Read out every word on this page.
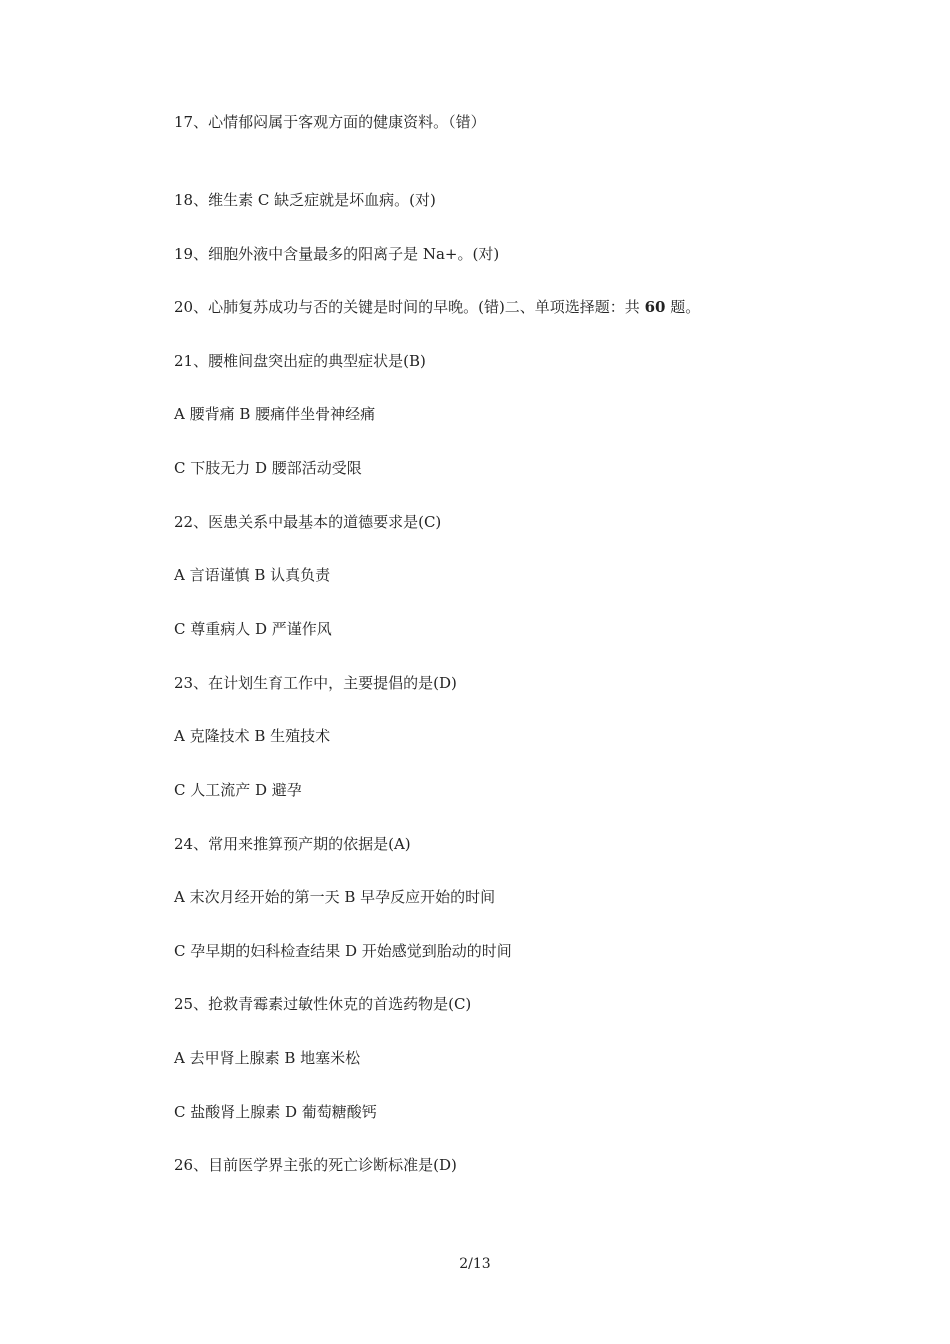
17、心情郁闷属于客观方面的健康资料。（错）
18、维生素 C 缺乏症就是坏血病。(对)
19、细胞外液中含量最多的阳离子是 Na+。(对)
20、心肺复苏成功与否的关键是时间的早晚。(错)二、单项选择题：共 60 题。
21、腰椎间盘突出症的典型症状是(B)
A 腰背痛 B 腰痛伴坐骨神经痛
C 下肢无力 D 腰部活动受限
22、医患关系中最基本的道德要求是(C)
A 言语谨慎 B 认真负责
C 尊重病人 D 严谨作风
23、在计划生育工作中，主要提倡的是(D)
A 克隆技术 B 生殖技术
C 人工流产 D 避孕
24、常用来推算预产期的依据是(A)
A 末次月经开始的第一天 B 早孕反应开始的时间
C 孕早期的妇科检查结果 D 开始感觉到胎动的时间
25、抢救青霉素过敏性休克的首选药物是(C)
A 去甲肾上腺素 B 地塞米松
C 盐酸肾上腺素 D 葡萄糖酸钙
26、目前医学界主张的死亡诊断标准是(D)
2/13
